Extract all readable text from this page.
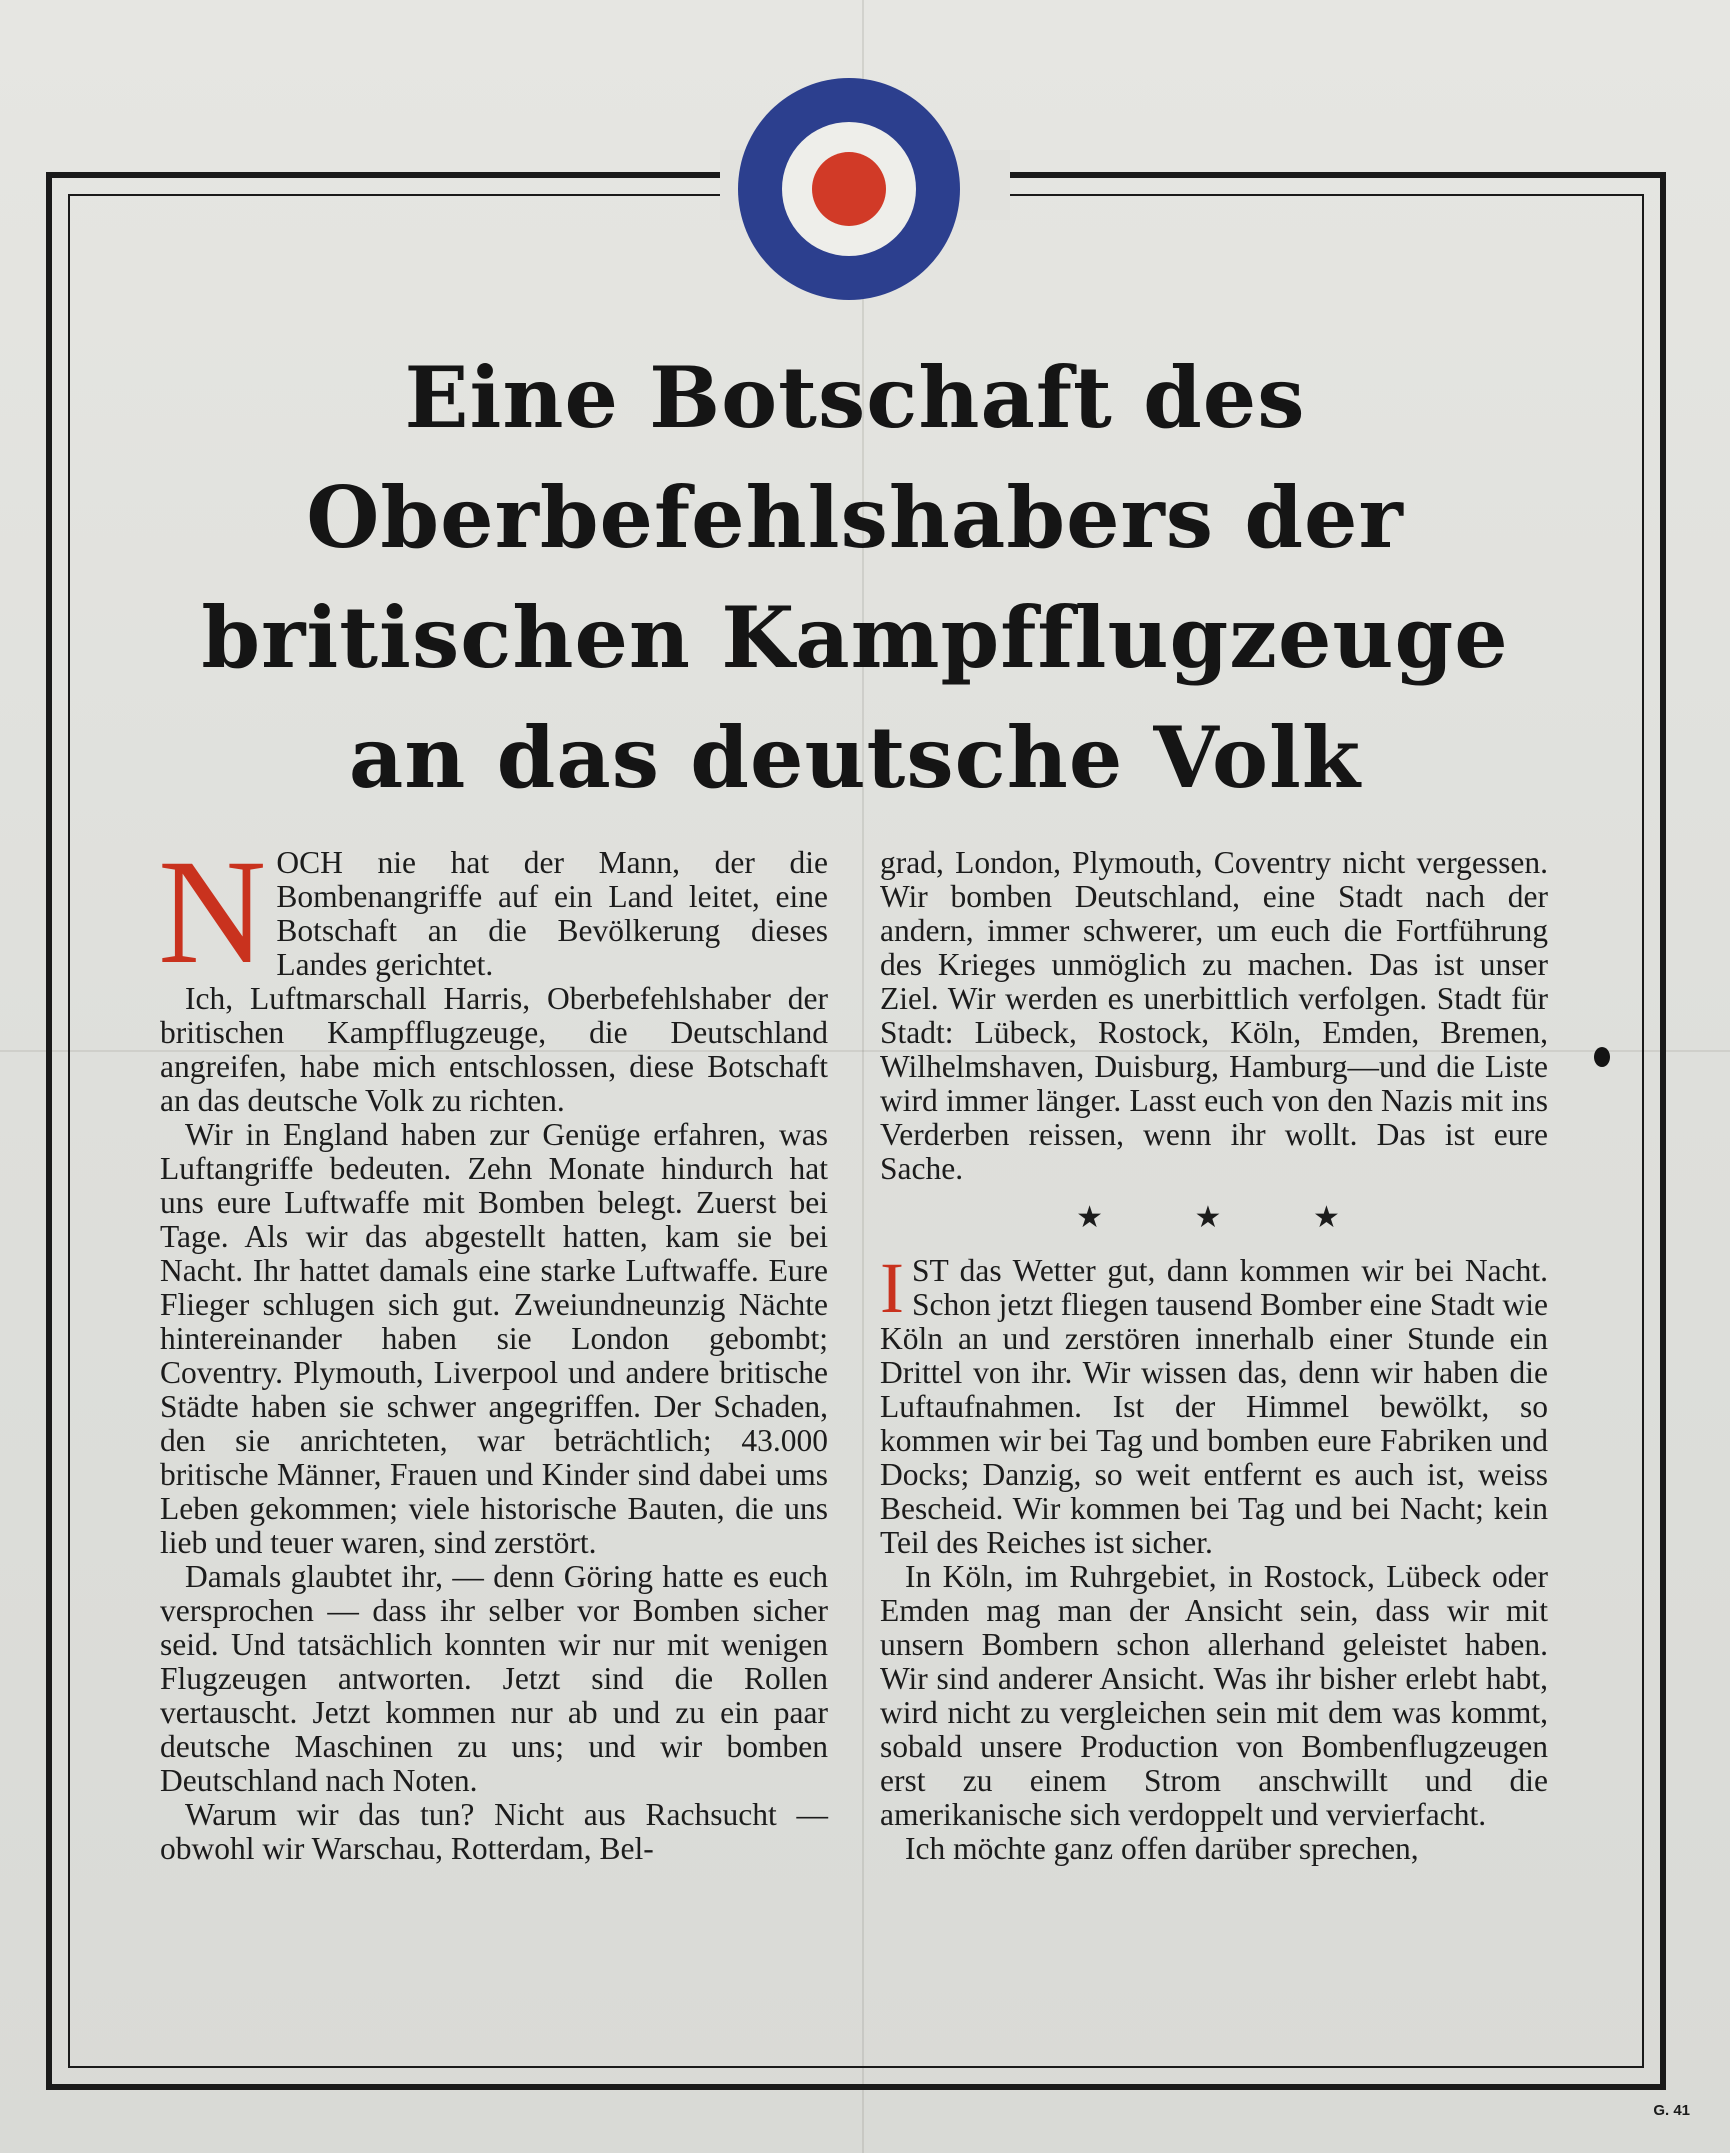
Eine Botschaft des
Oberbefehlshabers der
britischen Kampfflugzeuge
an das deutsche Volk
N OCH nie hat der Mann, der die Bombenangriffe auf ein Land leitet, eine Botschaft an die Bevölkerung dieses Landes gerichtet.

Ich, Luftmarschall Harris, Oberbefehlshaber der britischen Kampfflugzeuge, die Deutschland angreifen, habe mich entschlossen, diese Botschaft an das deutsche Volk zu richten.

Wir in England haben zur Genüge erfahren, was Luftangriffe bedeuten. Zehn Monate hindurch hat uns eure Luftwaffe mit Bomben belegt. Zuerst bei Tage. Als wir das abgestellt hatten, kam sie bei Nacht. Ihr hattet damals eine starke Luftwaffe. Eure Flieger schlugen sich gut. Zweiundneunzig Nächte hintereinander haben sie London gebombt; Coventry. Plymouth, Liverpool und andere britische Städte haben sie schwer angegriffen. Der Schaden, den sie anrichteten, war beträchtlich; 43.000 britische Männer, Frauen und Kinder sind dabei ums Leben gekommen; viele historische Bauten, die uns lieb und teuer waren, sind zerstört.

Damals glaubtet ihr, — denn Göring hatte es euch versprochen — dass ihr selber vor Bomben sicher seid. Und tatsächlich konnten wir nur mit wenigen Flugzeugen antworten. Jetzt sind die Rollen vertauscht. Jetzt kommen nur ab und zu ein paar deutsche Maschinen zu uns; und wir bomben Deutschland nach Noten.

Warum wir das tun? Nicht aus Rachsucht — obwohl wir Warschau, Rotterdam, Bel-

grad, London, Plymouth, Coventry nicht vergessen. Wir bomben Deutschland, eine Stadt nach der andern, immer schwerer, um euch die Fortführung des Krieges unmöglich zu machen. Das ist unser Ziel. Wir werden es unerbittlich verfolgen. Stadt für Stadt: Lübeck, Rostock, Köln, Emden, Bremen, Wilhelmshaven, Duisburg, Hamburg—und die Liste wird immer länger. Lasst euch von den Nazis mit ins Verderben reissen, wenn ihr wollt. Das ist eure Sache.

★ ★ ★
I ST das Wetter gut, dann kommen wir bei Nacht. Schon jetzt fliegen tausend Bomber eine Stadt wie Köln an und zerstören innerhalb einer Stunde ein Drittel von ihr. Wir wissen das, denn wir haben die Luftaufnahmen. Ist der Himmel bewölkt, so kommen wir bei Tag und bomben eure Fabriken und Docks; Danzig, so weit entfernt es auch ist, weiss Bescheid. Wir kommen bei Tag und bei Nacht; kein Teil des Reiches ist sicher.

In Köln, im Ruhrgebiet, in Rostock, Lübeck oder Emden mag man der Ansicht sein, dass wir mit unsern Bombern schon allerhand geleistet haben. Wir sind anderer Ansicht. Was ihr bisher erlebt habt, wird nicht zu vergleichen sein mit dem was kommt, sobald unsere Production von Bombenflugzeugen erst zu einem Strom anschwillt und die amerikanische sich verdoppelt und vervierfacht.

Ich möchte ganz offen darüber sprechen,

G. 41
